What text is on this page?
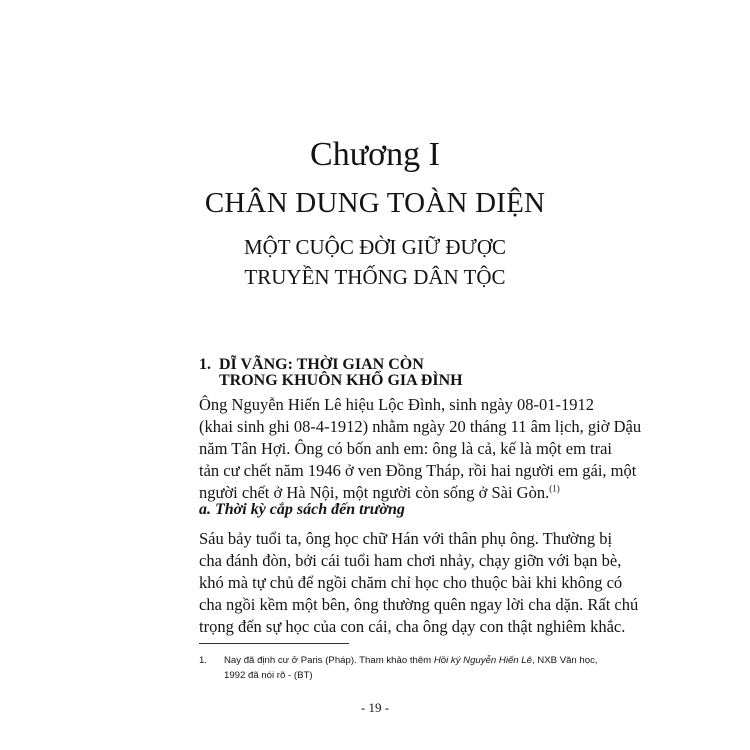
Chương I
CHÂN DUNG TOÀN DIỆN
MỘT CUỘC ĐỜI GIỮ ĐƯỢC
TRUYỀN THỐNG DÂN TỘC
1. DĨ VÃNG: THỜI GIAN CÒN
TRONG KHUÔN KHỔ GIA ĐÌNH
Ông Nguyễn Hiến Lê hiệu Lộc Đình, sinh ngày 08-01-1912
(khai sinh ghi 08-4-1912) nhằm ngày 20 tháng 11 âm lịch, giờ Dậu
năm Tân Hợi. Ông có bốn anh em: ông là cả, kế là một em trai
tản cư chết năm 1946 ở ven Đồng Tháp, rồi hai người em gái, một
người chết ở Hà Nội, một người còn sống ở Sài Gòn.$^{(1)}$
a. Thời kỳ cắp sách đến trường
Sáu bảy tuổi ta, ông học chữ Hán với thân phụ ông. Thường bị
cha đánh đòn, bởi cái tuổi ham chơi nhảy, chạy giỡn với bạn bè,
khó mà tự chủ để ngồi chăm chỉ học cho thuộc bài khi không có
cha ngồi kềm một bên, ông thường quên ngay lời cha dặn. Rất chú
trọng đến sự học của con cái, cha ông dạy con thật nghiêm khắc.
1. Nay đã định cư ở Paris (Pháp). Tham khảo thêm Hồi ký Nguyễn Hiến Lê, NXB Văn học,
1992 đã nói rõ - (BT)
- 19 -
